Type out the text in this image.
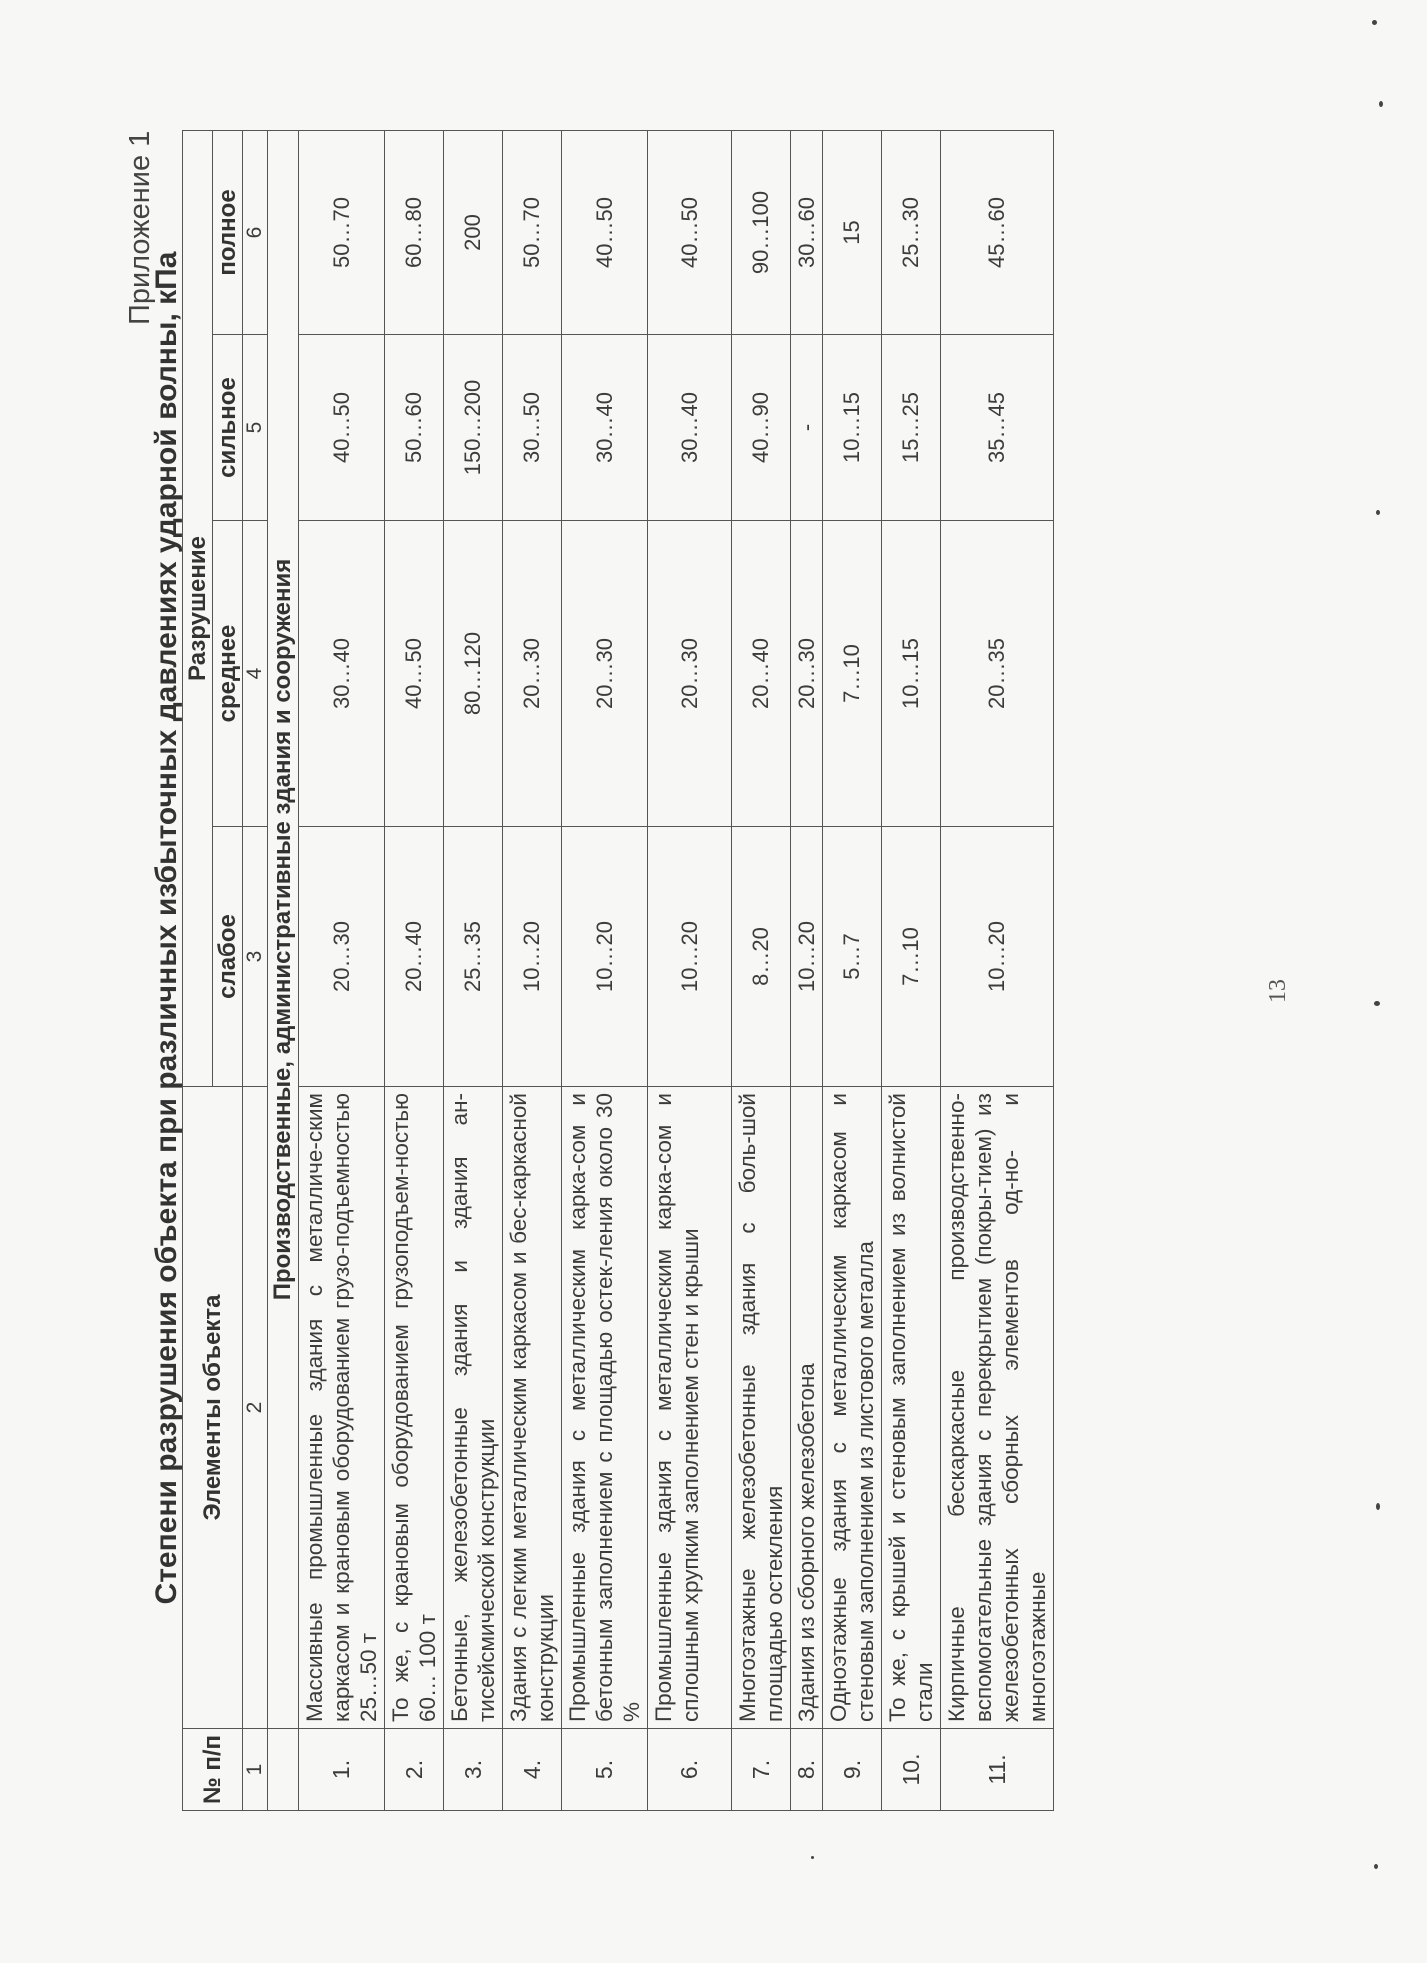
Приложение 1
Степени разрушения объекта при различных избыточных давлениях ударной волны, кПа
№ п/п	Элементы объекта	Разрушение			
		слабое	среднее	сильное	полное
1	2	3	4	5	6
	Производственные, административные здания и сооружения				
1.	Массивные промышленные здания с металличе-ским каркасом и крановым оборудованием грузо-подъемностью 25…50 т	20…30	30…40	40…50	50…70
2.	То же, с крановым оборудованием грузоподъем-ностью 60… 100 т	20…40	40…50	50…60	60…80
3.	Бетонные, железобетонные здания и здания ан-тисейсмической конструкции	25…35	80…120	150…200	200
4.	Здания с легким металлическим каркасом и бес-каркасной конструкции	10…20	20…30	30…50	50…70
5.	Промышленные здания с металлическим карка-сом и бетонным заполнением с площадью остек-ления около 30 %	10…20	20…30	30…40	40…50
6.	Промышленные здания с металлическим карка-сом и сплошным хрупким заполнением стен и крыши	10…20	20…30	30…40	40…50
7.	Многоэтажные железобетонные здания с боль-шой площадью остекления	8…20	20…40	40…90	90…100
8.	Здания из сборного железобетона	10…20	20…30	-	30…60
9.	Одноэтажные здания с металлическим каркасом и стеновым заполнением из листового металла	5…7	7…10	10…15	15
10.	То же, с крышей и стеновым заполнением из волнистой стали	7…10	10…15	15…25	25…30
11.	Кирпичные бескаркасные производственно-вспомогательные здания с перекрытием (покры-тием) из железобетонных сборных элементов од-но- и многоэтажные	10…20	20…35	35…45	45…60
13
